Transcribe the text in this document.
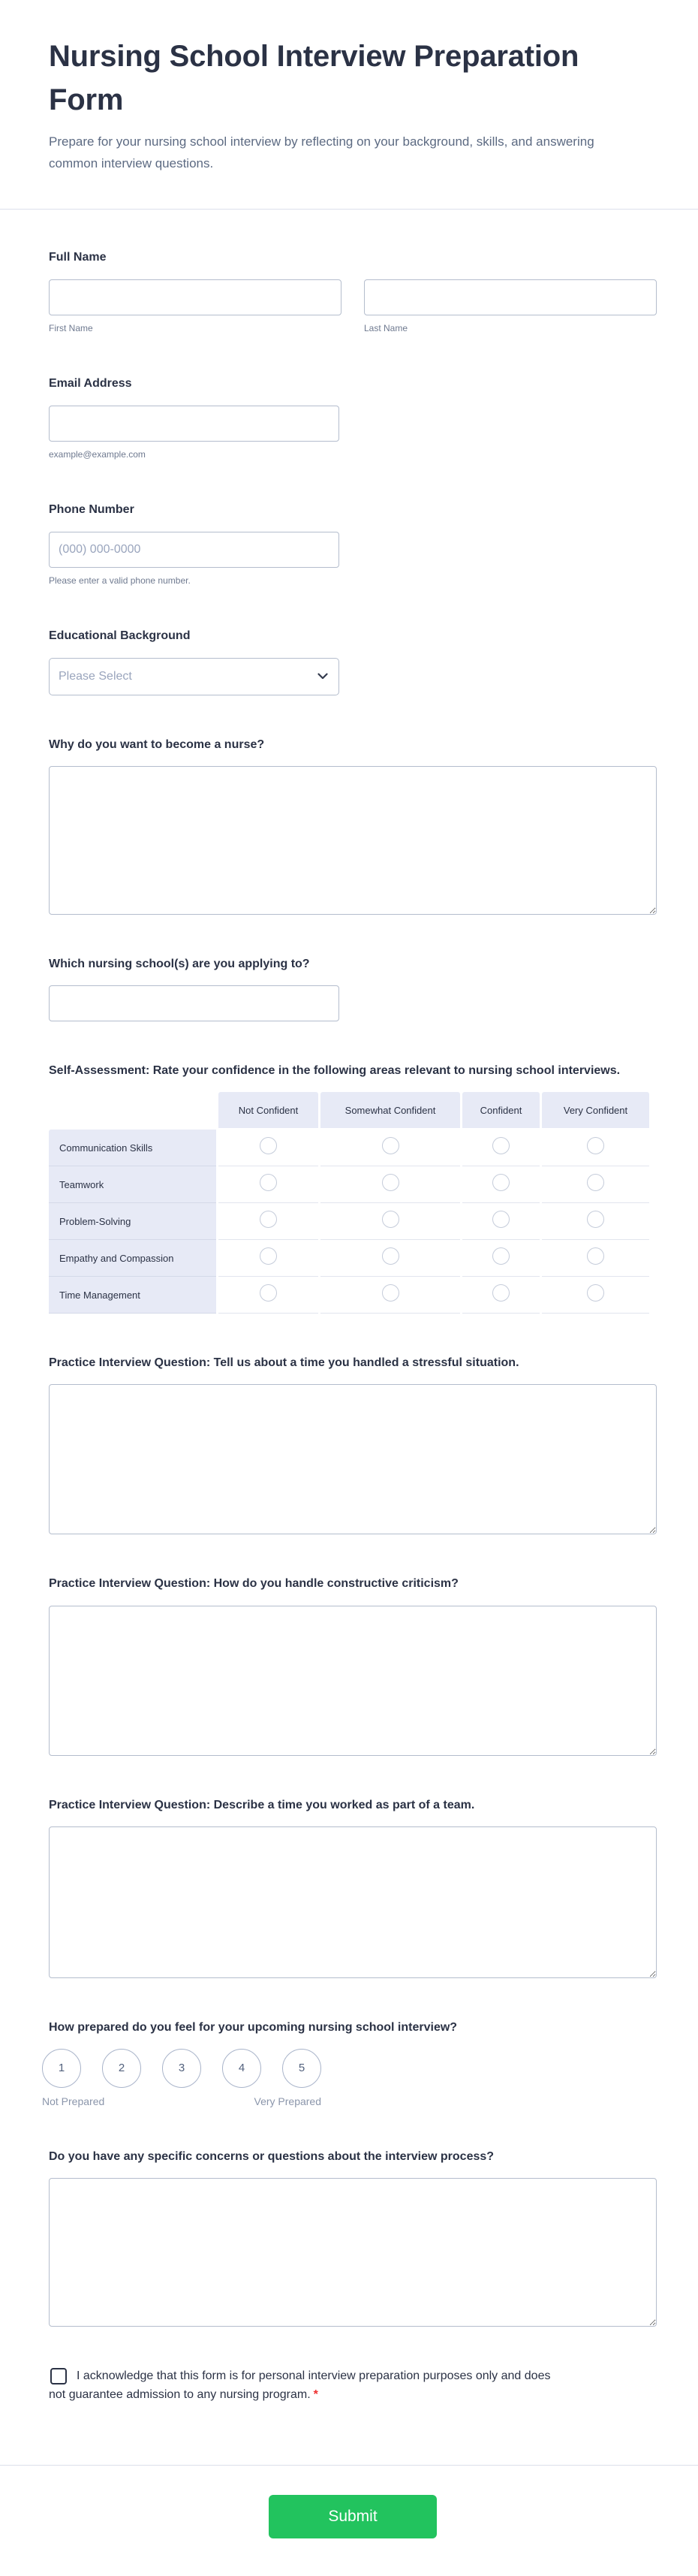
Nursing School Interview Preparation Form

Prepare for your nursing school interview by reflecting on your background, skills, and answering common interview questions.

Full Name
First Name	Last Name
Email Address
example@example.com
Phone Number
(000) 000-0000
Please enter a valid phone number.
Educational Background
Please Select
Why do you want to become a nurse?
Which nursing school(s) are you applying to?
Self-Assessment: Rate your confidence in the following areas relevant to nursing school interviews.
	Not Confident	Somewhat Confident	Confident	Very Confident
Communication Skills				
Teamwork				
Problem-Solving				
Empathy and Compassion				
Time Management				
Practice Interview Question: Tell us about a time you handled a stressful situation.
Practice Interview Question: How do you handle constructive criticism?
Practice Interview Question: Describe a time you worked as part of a team.
How prepared do you feel for your upcoming nursing school interview?
1	2	3	4	5
Not Prepared	Very Prepared
Do you have any specific concerns or questions about the interview process?
I acknowledge that this form is for personal interview preparation purposes only and does not guarantee admission to any nursing program. *
Submit
